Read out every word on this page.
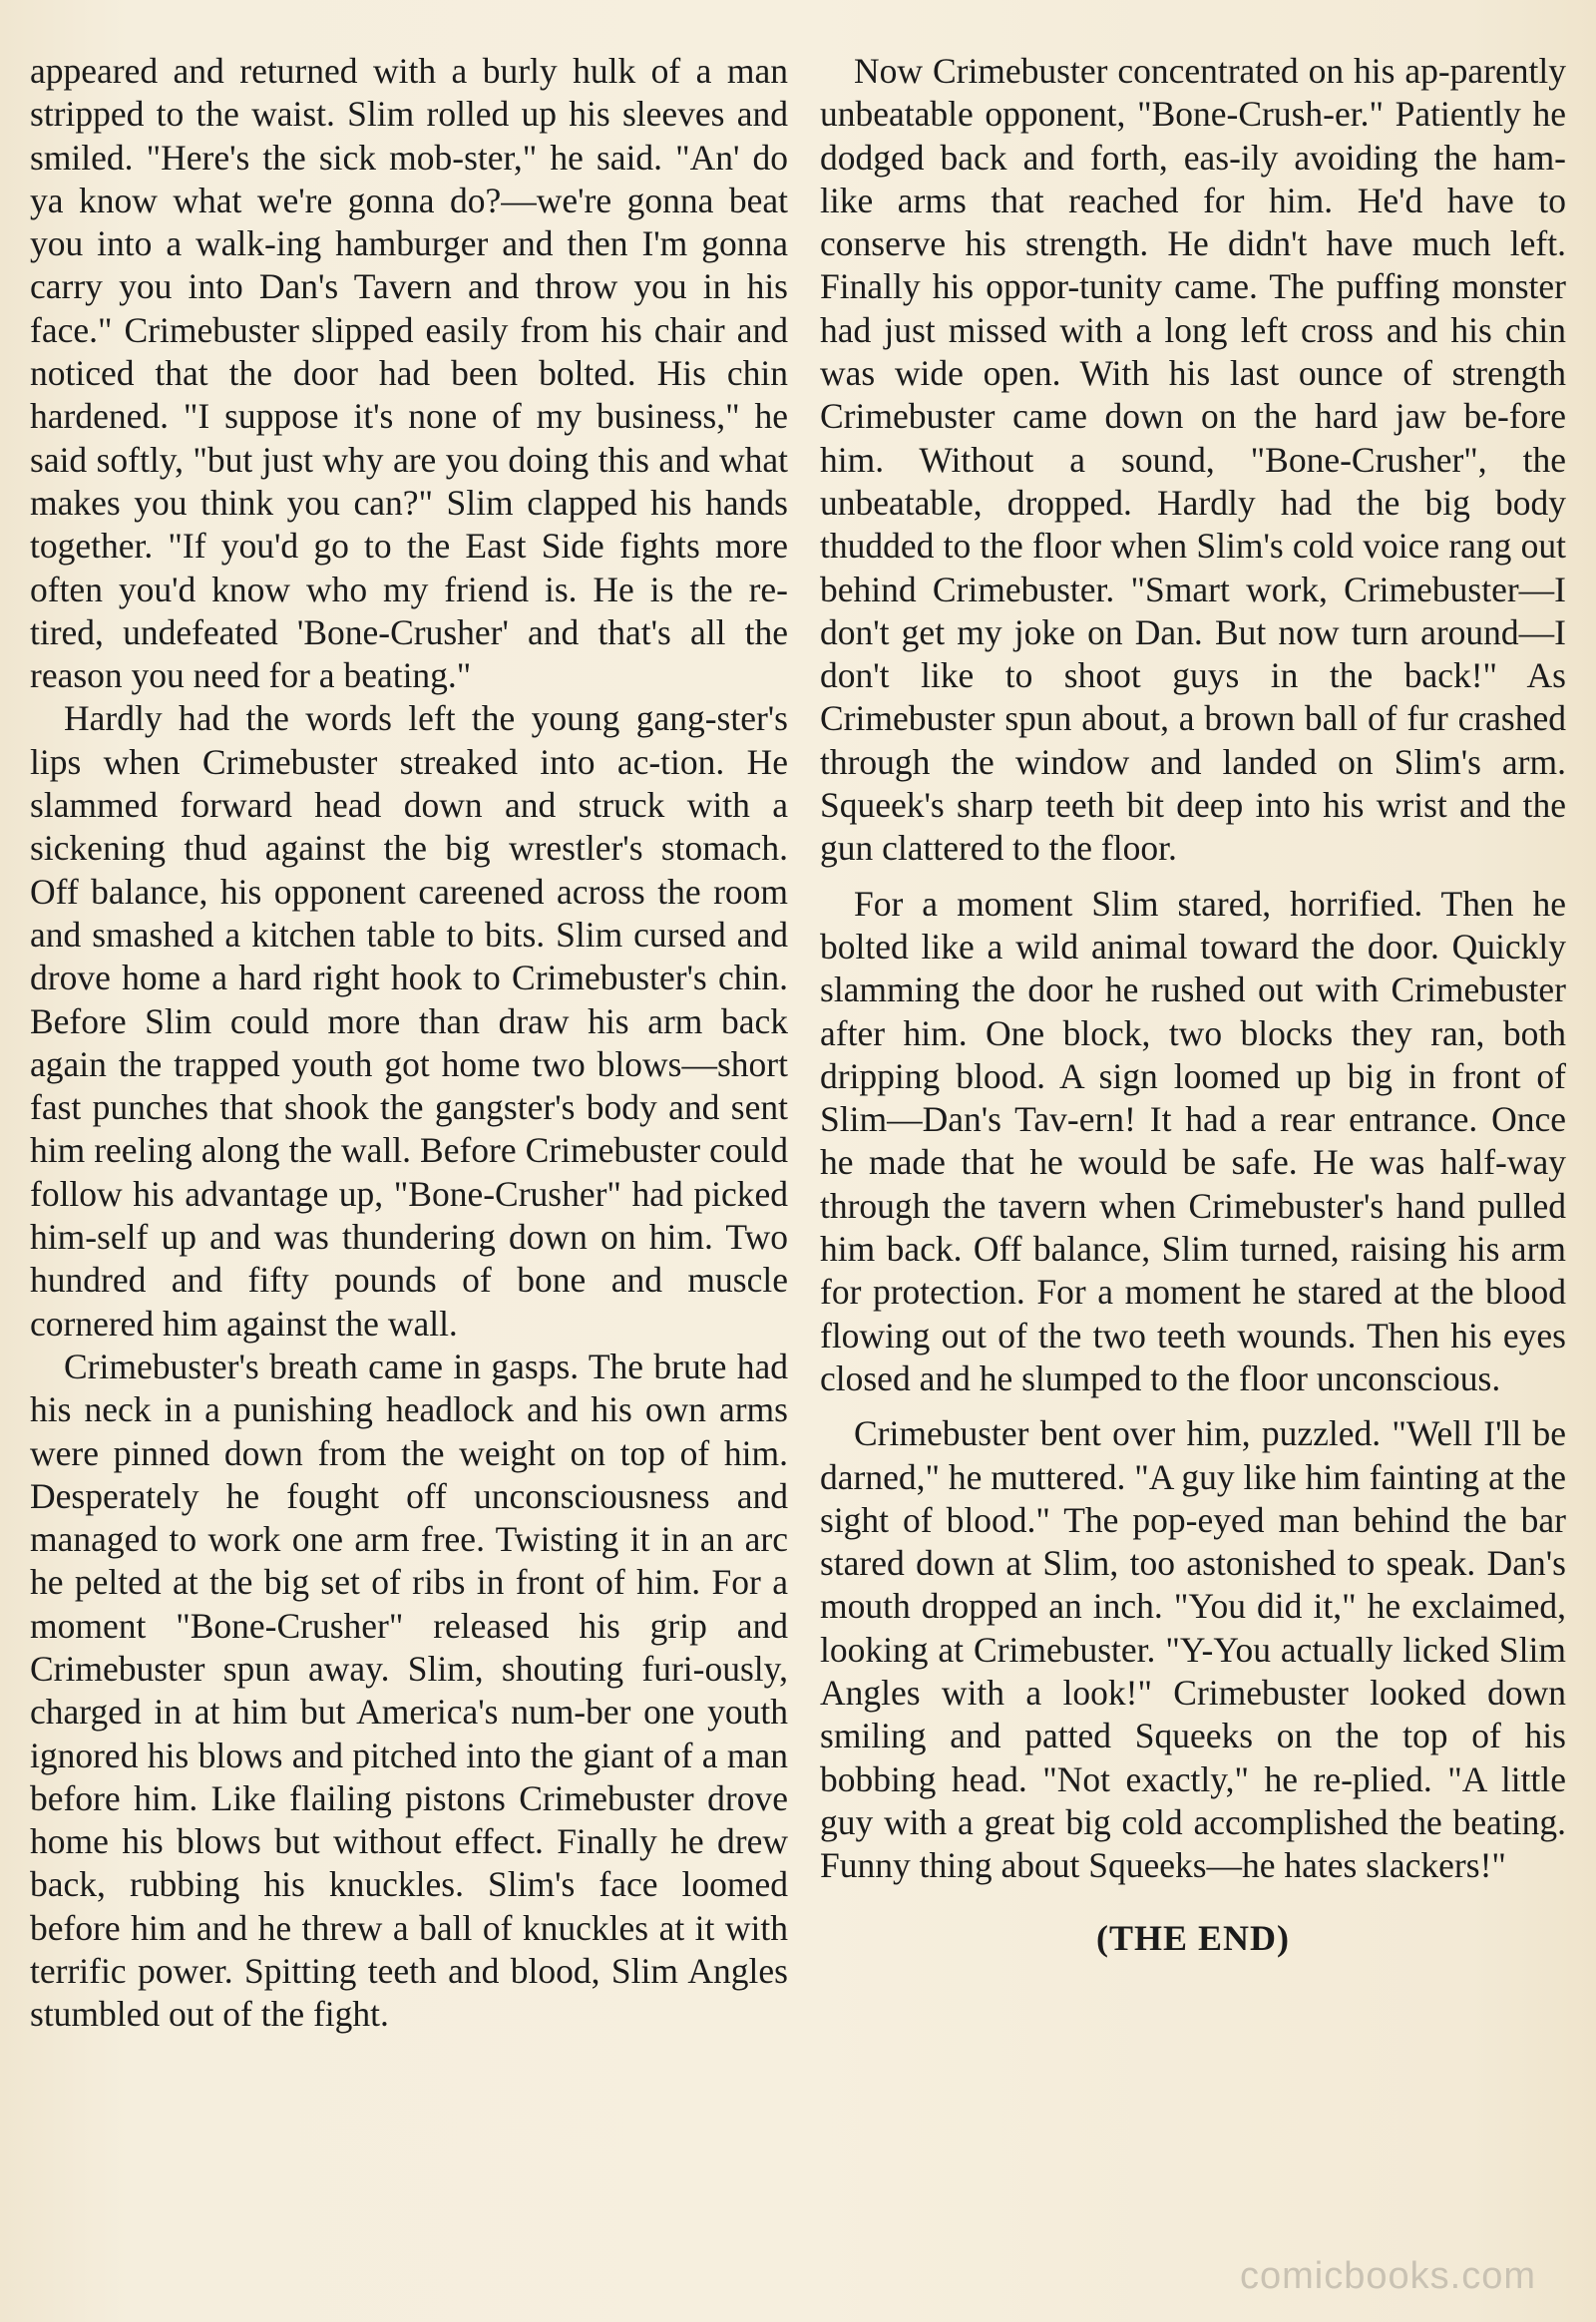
appeared and returned with a burly hulk of a man stripped to the waist. Slim rolled up his sleeves and smiled. "Here's the sick mob-ster," he said. "An' do ya know what we're gonna do?—we're gonna beat you into a walk-ing hamburger and then I'm gonna carry you into Dan's Tavern and throw you in his face." Crimebuster slipped easily from his chair and noticed that the door had been bolted. His chin hardened. "I suppose it's none of my business," he said softly, "but just why are you doing this and what makes you think you can?" Slim clapped his hands together. "If you'd go to the East Side fights more often you'd know who my friend is. He is the re-tired, undefeated 'Bone-Crusher' and that's all the reason you need for a beating."

Hardly had the words left the young gang-ster's lips when Crimebuster streaked into ac-tion. He slammed forward head down and struck with a sickening thud against the big wrestler's stomach. Off balance, his opponent careened across the room and smashed a kitchen table to bits. Slim cursed and drove home a hard right hook to Crimebuster's chin. Before Slim could more than draw his arm back again the trapped youth got home two blows—short fast punches that shook the gangster's body and sent him reeling along the wall. Before Crimebuster could follow his advantage up, "Bone-Crusher" had picked him-self up and was thundering down on him. Two hundred and fifty pounds of bone and muscle cornered him against the wall.

Crimebuster's breath came in gasps. The brute had his neck in a punishing headlock and his own arms were pinned down from the weight on top of him. Desperately he fought off unconsciousness and managed to work one arm free. Twisting it in an arc he pelted at the big set of ribs in front of him. For a moment "Bone-Crusher" released his grip and Crimebuster spun away. Slim, shouting furi-ously, charged in at him but America's num-ber one youth ignored his blows and pitched into the giant of a man before him. Like flailing pistons Crimebuster drove home his blows but without effect. Finally he drew back, rubbing his knuckles. Slim's face loomed before him and he threw a ball of knuckles at it with terrific power. Spitting teeth and blood, Slim Angles stumbled out of the fight.

Now Crimebuster concentrated on his ap-parently unbeatable opponent, "Bone-Crush-er." Patiently he dodged back and forth, eas-ily avoiding the ham-like arms that reached for him. He'd have to conserve his strength. He didn't have much left. Finally his oppor-tunity came. The puffing monster had just missed with a long left cross and his chin was wide open. With his last ounce of strength Crimebuster came down on the hard jaw be-fore him. Without a sound, "Bone-Crusher", the unbeatable, dropped. Hardly had the big body thudded to the floor when Slim's cold voice rang out behind Crimebuster. "Smart work, Crimebuster—I don't get my joke on Dan. But now turn around—I don't like to shoot guys in the back!" As Crimebuster spun about, a brown ball of fur crashed through the window and landed on Slim's arm. Squeek's sharp teeth bit deep into his wrist and the gun clattered to the floor.

For a moment Slim stared, horrified. Then he bolted like a wild animal toward the door. Quickly slamming the door he rushed out with Crimebuster after him. One block, two blocks they ran, both dripping blood. A sign loomed up big in front of Slim—Dan's Tav-ern! It had a rear entrance. Once he made that he would be safe. He was half-way through the tavern when Crimebuster's hand pulled him back. Off balance, Slim turned, raising his arm for protection. For a moment he stared at the blood flowing out of the two teeth wounds. Then his eyes closed and he slumped to the floor unconscious.

Crimebuster bent over him, puzzled. "Well I'll be darned," he muttered. "A guy like him fainting at the sight of blood." The pop-eyed man behind the bar stared down at Slim, too astonished to speak. Dan's mouth dropped an inch. "You did it," he exclaimed, looking at Crimebuster. "Y-You actually licked Slim Angles with a look!" Crimebuster looked down smiling and patted Squeeks on the top of his bobbing head. "Not exactly," he re-plied. "A little guy with a great big cold accomplished the beating. Funny thing about Squeeks—he hates slackers!"

(THE END)

comicbooks.com
